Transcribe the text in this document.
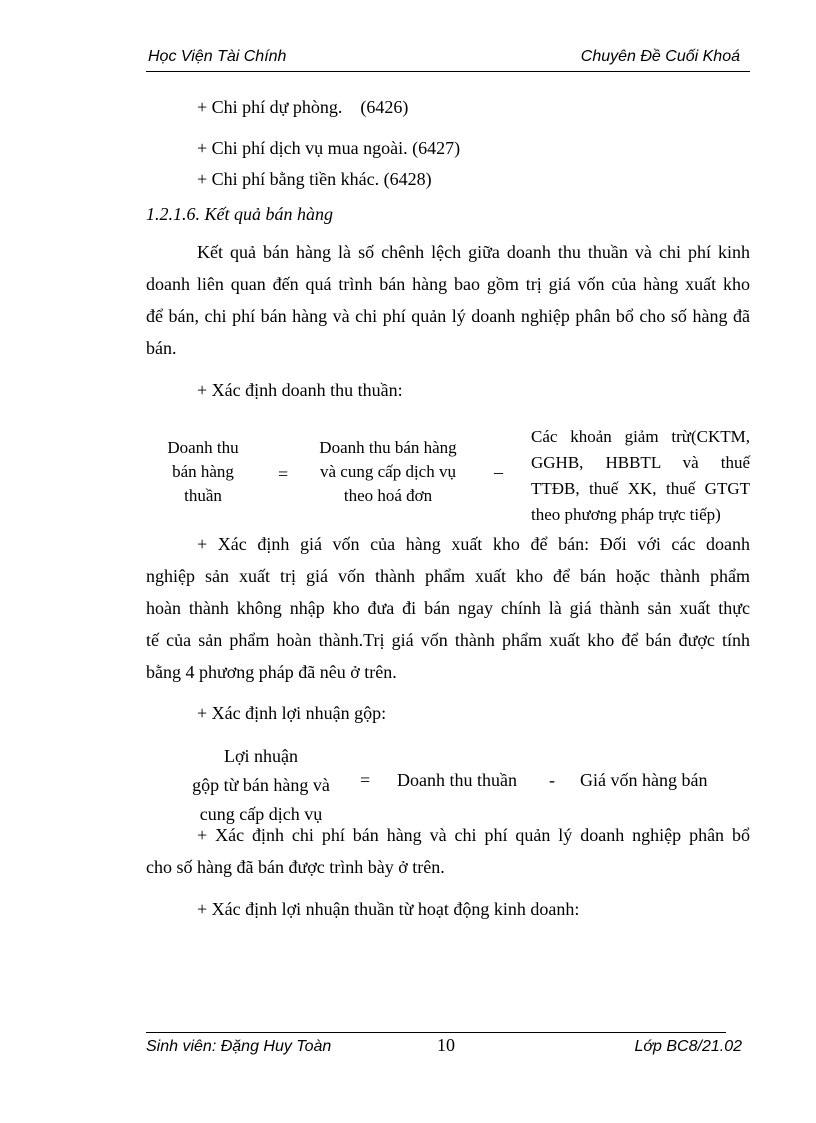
Học Viện Tài Chính	Chuyên Đề Cuối Khoá
+ Chi phí dự phòng.    (6426)
+ Chi phí dịch vụ mua ngoài. (6427)
+ Chi phí bằng tiền khác. (6428)
1.2.1.6. Kết quả bán hàng
Kết quả bán hàng là số chênh lệch giữa doanh thu thuần và chi phí kinh
doanh liên quan đến quá trình bán hàng bao gồm trị giá vốn của hàng xuất kho
để bán, chi phí bán hàng và chi phí quản lý doanh nghiệp phân bổ cho số hàng đã
bán.
+ Xác định doanh thu thuần:
Doanh thu
bán hàng
thuần
=
Doanh thu bán hàng
và cung cấp dịch vụ
theo hoá đơn
–
Các khoản giảm trừ(CKTM,
GGHB, HBBTL và thuế
TTĐB, thuế XK, thuế GTGT
theo phương pháp trực tiếp)
+ Xác định giá vốn của hàng xuất kho để bán: Đối với các doanh
nghiệp sản xuất trị giá vốn thành phẩm xuất kho để bán hoặc thành phẩm
hoàn thành không nhập kho đưa đi bán ngay chính là giá thành sản xuất thực
tế của sản phẩm hoàn thành.Trị giá vốn thành phẩm xuất kho để bán được tính
bằng 4 phương pháp đã nêu ở trên.
+ Xác định lợi nhuận gộp:
Lợi nhuận
gộp từ bán hàng và
cung cấp dịch vụ
= Doanh thu thuần - Giá vốn hàng bán
+ Xác định chi phí bán hàng và chi phí quản lý doanh nghiệp phân bổ
cho số hàng đã bán được trình bày ở trên.
+ Xác định lợi nhuận thuần từ hoạt động kinh doanh:
Sinh viên: Đặng Huy Toàn	10	Lớp BC8/21.02
